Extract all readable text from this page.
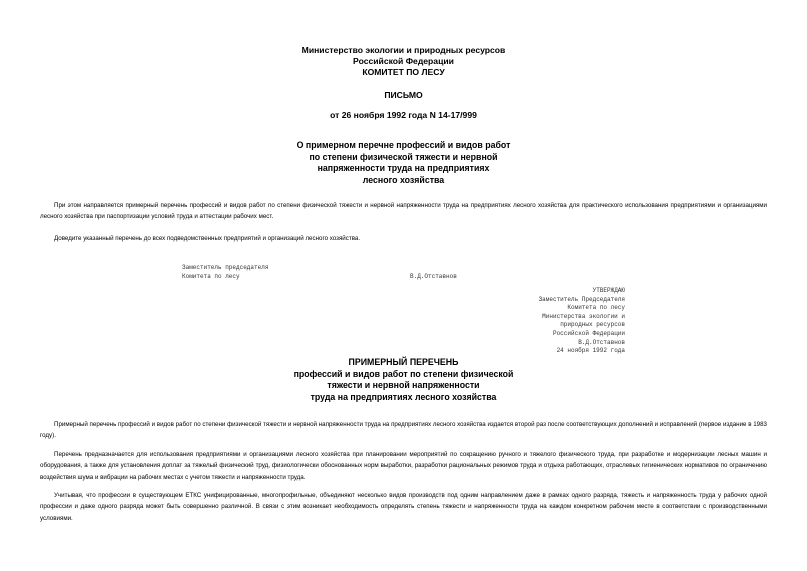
Министерство экологии и природных ресурсов
Российской Федерации
КОМИТЕТ ПО ЛЕСУ
ПИСЬМО
от 26 ноября 1992 года N 14-17/999
О примерном перечне профессий и видов работ
по степени физической тяжести и нервной
напряженности труда на предприятиях
лесного хозяйства
При этом направляется примерный перечень профессий и видов работ по степени физической тяжести и нервной напряженности труда на предприятиях лесного хозяйства для практического использования предприятиями и организациями лесного хозяйства при паспортизации условий труда и аттестации рабочих мест.
Доведите указанный перечень до всех подведомственных предприятий и организаций лесного хозяйства.
Заместитель председателя
Комитета по лесу	В.Д.Отставнов
УТВЕРЖДАЮ
Заместитель Председателя
Комитета по лесу
Министерства экологии и
природных ресурсов
Российской Федерации
В.Д.Отставнов
24 ноября 1992 года
ПРИМЕРНЫЙ ПЕРЕЧЕНЬ
профессий и видов работ по степени физической
тяжести и нервной напряженности
труда на предприятиях лесного хозяйства
Примерный перечень профессий и видов работ по степени физической тяжести и нервной напряженности труда на предприятиях лесного хозяйства издается второй раз после соответствующих дополнений и исправлений (первое издание в 1983 году).
Перечень предназначается для использования предприятиями и организациями лесного хозяйства при планировании мероприятий по сокращению ручного и тяжелого физического труда, при разработке и модернизации лесных машин и оборудования, а также для установления доплат за тяжелый физический труд, физиологически обоснованных норм выработки, разработки рациональных режимов труда и отдыха работающих, отраслевых гигиенических нормативов по ограничению воздействия шума и вибрации на рабочих местах с учетом тяжести и напряженности труда.
Учитывая, что профессии в существующем ЕТКС унифицированные, многопрофильные, объединяют несколько видов производств под одним направлением даже в рамках одного разряда, тяжесть и напряженность труда у рабочих одной профессии и даже одного разряда может быть совершенно различной. В связи с этим возникает необходимость определять степень тяжести и напряженности труда на каждом конкретном рабочем месте в соответствии с производственными условиями.
